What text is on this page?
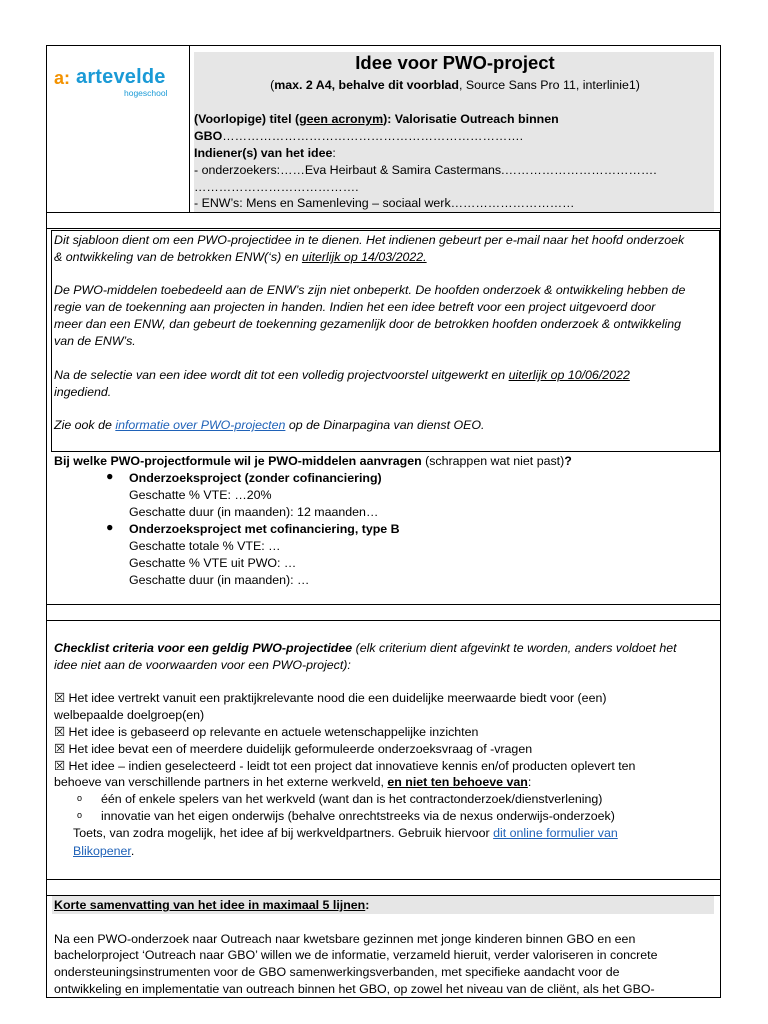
a: artevelde
hogeschool
Idee voor PWO-project
(max. 2 A4, behalve dit voorblad, Source Sans Pro 11, interlinie1)
(Voorlopige) titel (geen acronym): Valorisatie Outreach binnen
GBO……………………………………………………………….
Indiener(s) van het idee:
- onderzoekers:……Eva Heirbaut & Samira Castermans.……………………………….
………………………………….
- ENW’s: Mens en Samenleving – sociaal werk…………………………
Dit sjabloon dient om een PWO-projectidee in te dienen. Het indienen gebeurt per e-mail naar het hoofd onderzoek
& ontwikkeling van de betrokken ENW(‘s) en uiterlijk op 14/03/2022.
De PWO-middelen toebedeeld aan de ENW’s zijn niet onbeperkt. De hoofden onderzoek & ontwikkeling hebben de
regie van de toekenning aan projecten in handen. Indien het een idee betreft voor een project uitgevoerd door
meer dan een ENW, dan gebeurt de toekenning gezamenlijk door de betrokken hoofden onderzoek & ontwikkeling
van de ENW’s.
Na de selectie van een idee wordt dit tot een volledig projectvoorstel uitgewerkt en uiterlijk op 10/06/2022
ingediend.
Zie ook de informatie over PWO-projecten op de Dinarpagina van dienst OEO.
Bij welke PWO-projectformule wil je PWO-middelen aanvragen (schrappen wat niet past)?
● Onderzoeksproject (zonder cofinanciering)
Geschatte % VTE: …20%
Geschatte duur (in maanden): 12 maanden…
● Onderzoeksproject met cofinanciering, type B
Geschatte totale % VTE: …
Geschatte % VTE uit PWO: …
Geschatte duur (in maanden): …
Checklist criteria voor een geldig PWO-projectidee (elk criterium dient afgevinkt te worden, anders voldoet het
idee niet aan de voorwaarden voor een PWO-project):
☒ Het idee vertrekt vanuit een praktijkrelevante nood die een duidelijke meerwaarde biedt voor (een)
welbepaalde doelgroep(en)
☒ Het idee is gebaseerd op relevante en actuele wetenschappelijke inzichten
☒ Het idee bevat een of meerdere duidelijk geformuleerde onderzoeksvraag of -vragen
☒ Het idee – indien geselecteerd - leidt tot een project dat innovatieve kennis en/of producten oplevert ten
behoeve van verschillende partners in het externe werkveld, en niet ten behoeve van:
o één of enkele spelers van het werkveld (want dan is het contractonderzoek/dienstverlening)
o innovatie van het eigen onderwijs (behalve onrechtstreeks via de nexus onderwijs-onderzoek)
Toets, van zodra mogelijk, het idee af bij werkveldpartners. Gebruik hiervoor dit online formulier van
Blikopener.
Korte samenvatting van het idee in maximaal 5 lijnen:
Na een PWO-onderzoek naar Outreach naar kwetsbare gezinnen met jonge kinderen binnen GBO en een
bachelorproject ‘Outreach naar GBO’ willen we de informatie, verzameld hieruit, verder valoriseren in concrete
ondersteuningsinstrumenten voor de GBO samenwerkingsverbanden, met specifieke aandacht voor de
ontwikkeling en implementatie van outreach binnen het GBO, op zowel het niveau van de cliënt, als het GBO-
